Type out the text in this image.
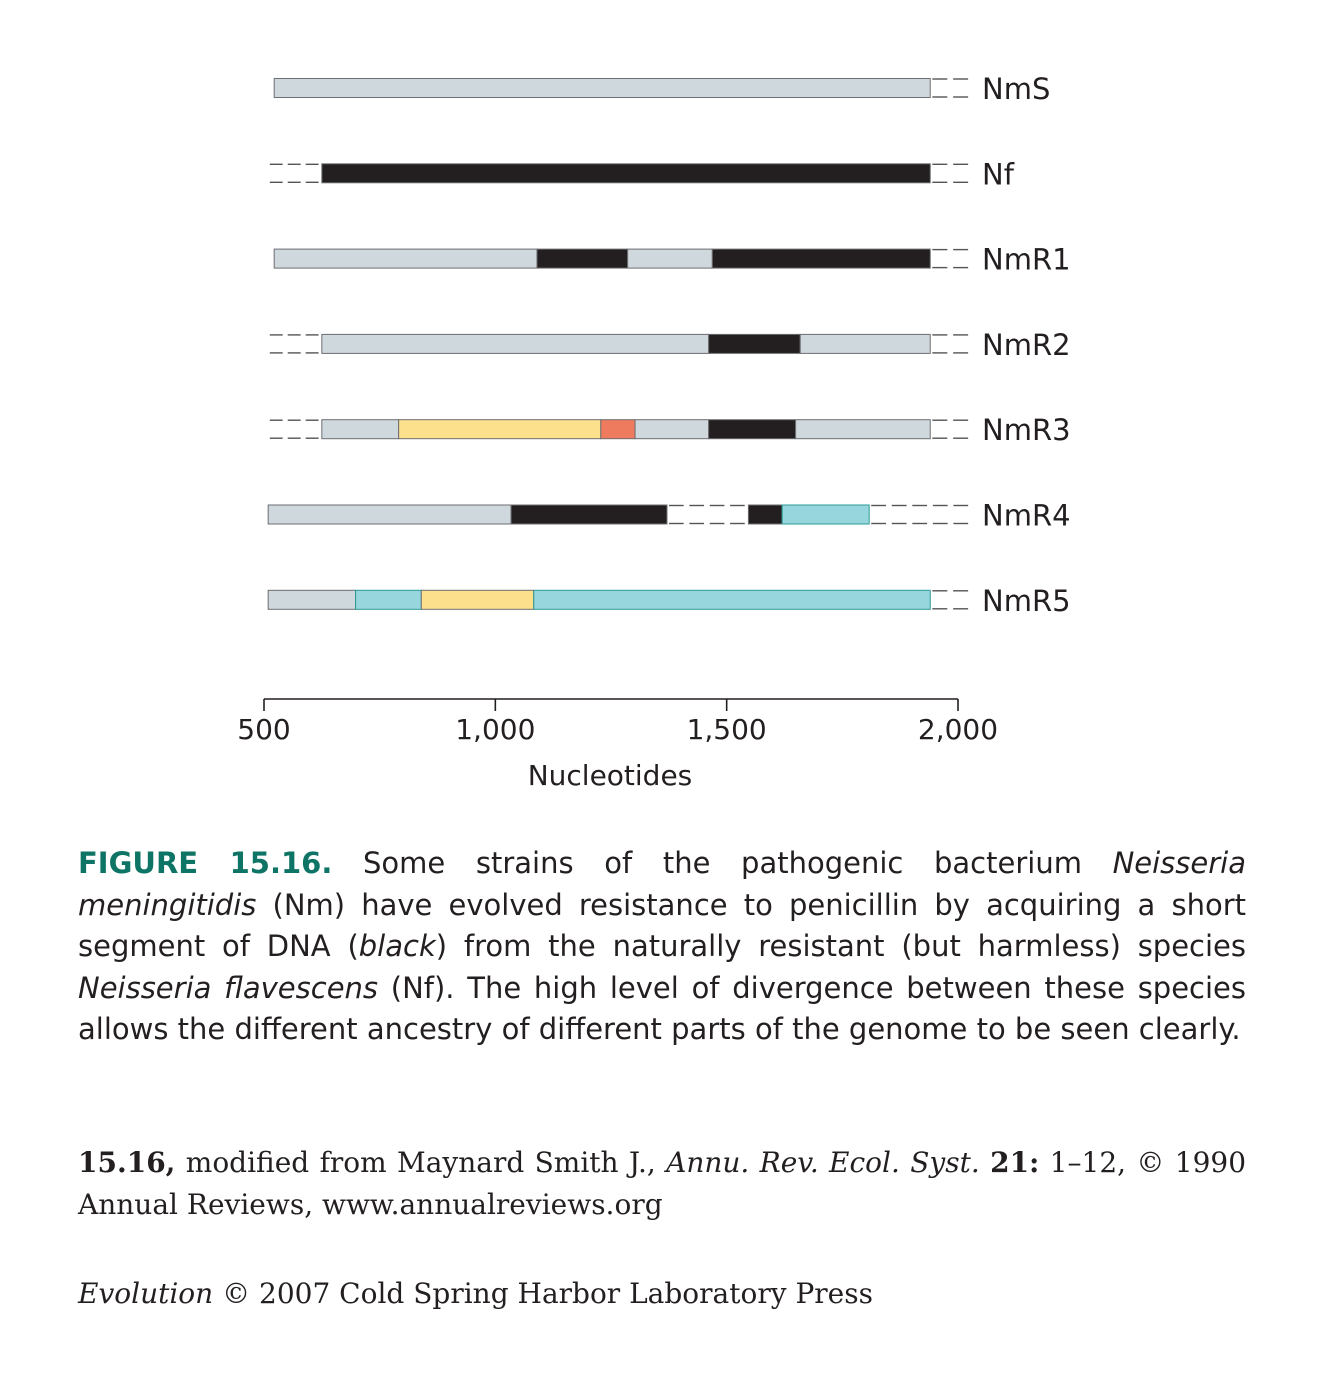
NmS
Nf
NmR1
NmR2
NmR3
NmR4
NmR5
500	1,000	1,500	2,000
Nucleotides

FIGURE 15.16. Some strains of the pathogenic bacterium Neisseria meningitidis (Nm) have evolved resistance to penicillin by acquiring a short segment of DNA (black) from the naturally resistant (but harmless) species Neisseria flavescens (Nf). The high level of divergence between these species allows the different ancestry of different parts of the genome to be seen clearly.

15.16, modified from Maynard Smith J., Annu. Rev. Ecol. Syst. 21: 1–12, © 1990 Annual Reviews, www.annualreviews.org

Evolution © 2007 Cold Spring Harbor Laboratory Press
